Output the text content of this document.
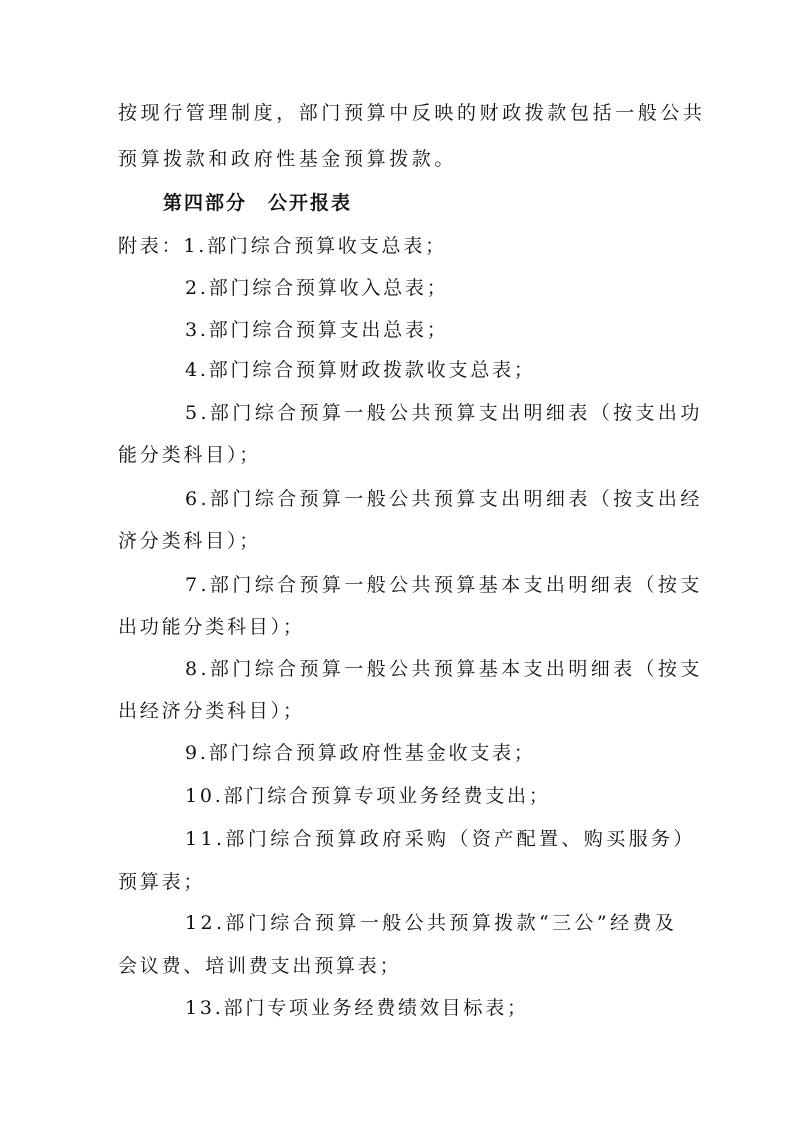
按现行管理制度，部门预算中反映的财政拨款包括一般公共
预算拨款和政府性基金预算拨款。
第四部分　公开报表
附表：1.部门综合预算收支总表；
2.部门综合预算收入总表；
3.部门综合预算支出总表；
4.部门综合预算财政拨款收支总表；
5.部门综合预算一般公共预算支出明细表（按支出功
能分类科目）；
6.部门综合预算一般公共预算支出明细表（按支出经
济分类科目）；
7.部门综合预算一般公共预算基本支出明细表（按支
出功能分类科目）；
8.部门综合预算一般公共预算基本支出明细表（按支
出经济分类科目）；
9.部门综合预算政府性基金收支表；
10.部门综合预算专项业务经费支出；
11.部门综合预算政府采购（资产配置、购买服务）
预算表；
12.部门综合预算一般公共预算拨款“三公”经费及
会议费、培训费支出预算表；
13.部门专项业务经费绩效目标表；
